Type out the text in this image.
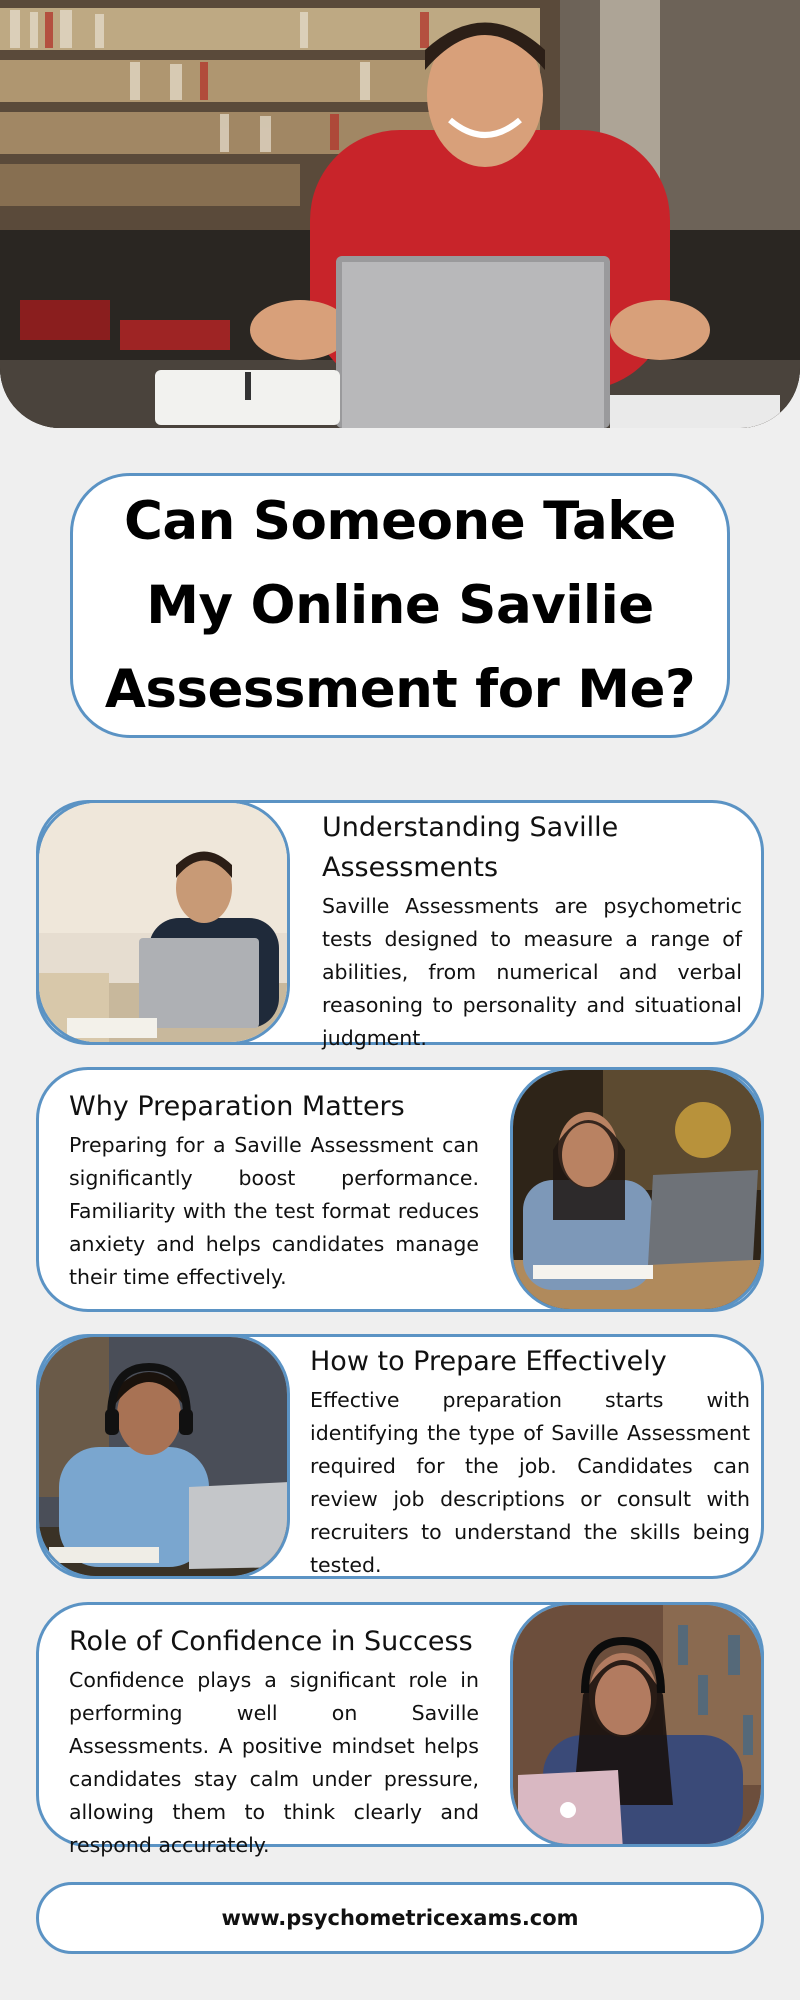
Can Someone Take My Online Savilie Assessment for Me?
Understanding Saville Assessments

Saville Assessments are psychometric tests designed to measure a range of abilities, from numerical and verbal reasoning to personality and situational judgment.

Why Preparation Matters

Preparing for a Saville Assessment can significantly boost performance. Familiarity with the test format reduces anxiety and helps candidates manage their time effectively.

How to Prepare Effectively

Effective preparation starts with identifying the type of Saville Assessment required for the job. Candidates can review job descriptions or consult with recruiters to understand the skills being tested.

Role of Confidence in Success

Confidence plays a significant role in performing well on Saville Assessments. A positive mindset helps candidates stay calm under pressure, allowing them to think clearly and respond accurately.

www.psychometricexams.com
